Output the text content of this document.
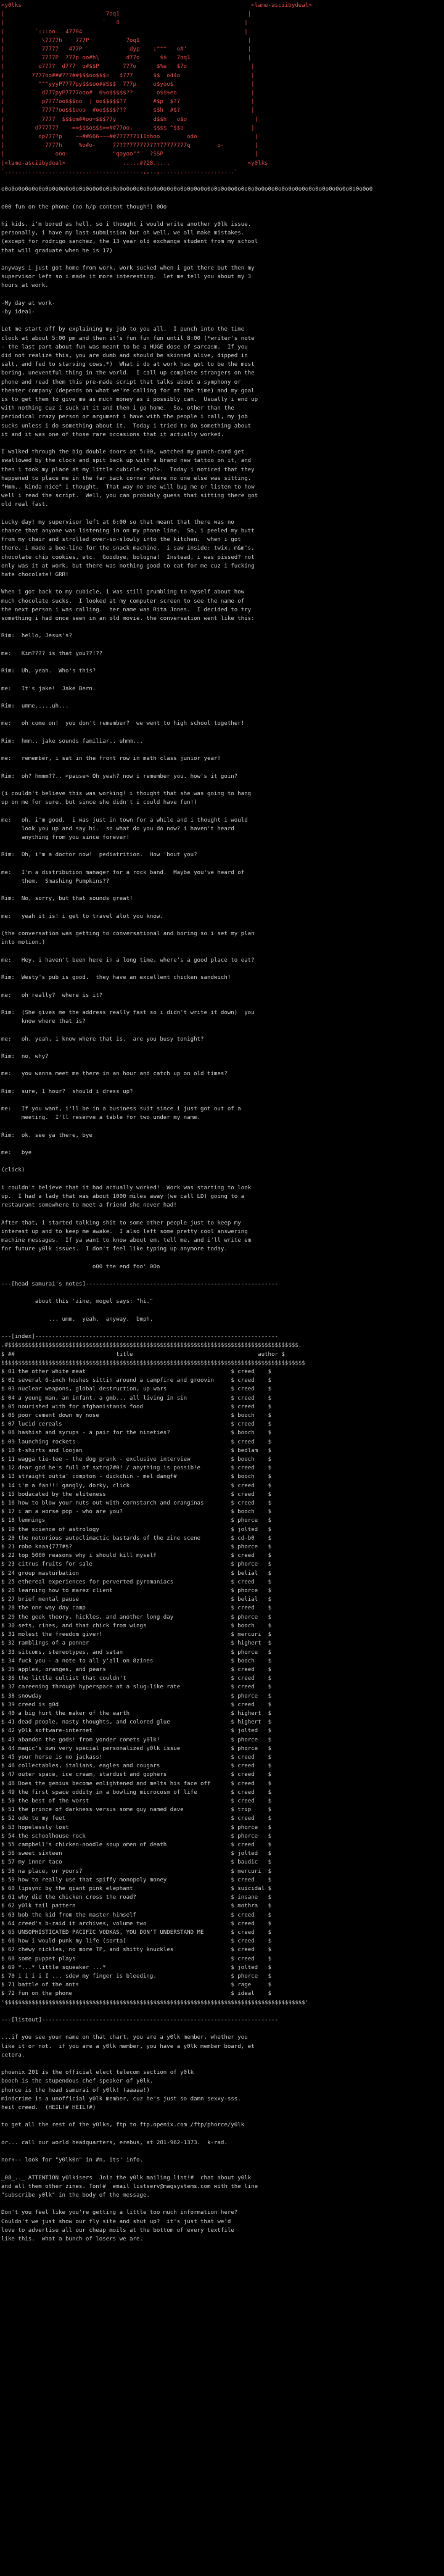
<y0lks	<lame-asciibydeal>
|                              7oq1                                      |
|                             `   4                                     |
|         `:::oo   47704                                                |
|           \7777h    777P           7oq1                                |
|           77777   477P              dyp    ;^^^   o#'                  |
|           7777P  777p oo#h\        d77o      $$   7oq1                 |
|          d777?  d777  o#$$P       777o      $%e   $7o                   |
|        7777oo###???##$$$oo$$$=   4777      $$  o44o                     |
|          ^^^yyyP7777py$$$oo##S$$  777p     o$yoo$                       |
|           d777pyP7777ooo#  6%o$$$$$??       o$$%eo                      |
|           p7777oo$$$oo  | oo$$$$$??        #$p  $??                     |
|           7777?oo$$$ooo  #oo$$$$???        $$h  #$?                     |
|           7777  $$$om##oo=$$$77y           d$$h   o$o                    |
|         d777777   -==$$$o$$$==##77oo,      $$$$ ^$$o                    |
|          op777?p    ~~##666~~~##777777111ohoo        odo                 |
|            7777h     %o#o-     77???7777?7???77777777q        o-         |
|               ooo-             "qoyoo""   ?SSP                           |
|<lame-asciibydeal>                 .....#?28.....                       <y0lks
`.........................................,,..,......................'
o0o0o0o0o0o0o0o0o0o0o0o0o0o0o0o0o0o0o0o0o0o0o0o0o0o0o0o0o0o0o0o0o0o0o0o0o0o0o0o0o0o0o0o0o0o0o0o0o0o0o0o0o0o0o0
o00 fun on the phone (no h/p content though!) 0Oo
hi kids. i'm bored as hell. so i thought i would write another y0lk issue.
personally, i have my last submission but oh well, we all make mistakes.
(except for rodrigo sanchez, the 13 year old exchange student from my school
that will graduate when he is 17)
anyways i just got home from work. work sucked when i got there but then my
supervisor left so i made it more interesting.  let me tell you about my 3
hours at work.
-My day at work-
-by idea1-
Let me start off by explaining my job to you all.  I punch into the time
clock at about 5:00 pm and then it's fun fun fun until 8:00 (*writer's note
- the last part about fun was meant to be a HUGE dose of sarcasm.  If you
did not realize this, you are dumb and should be skinned alive, dipped in
salt, and fed to starving cows.*)  What i do at work has got to be the most
boring, uneventful thing in the world.  I call up complete strangers on the
phone and read them this pre-made script that talks about a symphony or
theater company (depends on what we're calling for at the time) and my goal
is to get them to give me as much money as i possibly can.  Usually i end up
with nothing cuz i suck at it and then i go home.  So, other than the
periodical crazy person or argument i have with the people i call, my job
sucks unless i do something about it.  Today i tried to do something about
it and it was one of those rare occasions that it actually worked.
I walked through the big double doors at 5:00, watched my punch-card get
swallowed by the clock and spit back up with a brand new tattoo on it, and
then i took my place at my little cubicle <sp?>.  Today i noticed that they
happened to place me in the far back corner where no one else was sitting.
"Hmm.. kinda nice" i thought.  That way no one will bug me or listen to how
well i read the script.  Well, you can probably guess that sitting there got
old real fast.
Lucky day! my supervisor left at 6:00 so that meant that there was no
chance that anyone was listening in on my phone line.  So, i peeled my butt
from my chair and strolled over-so-slowly into the kitchen.  when i got
there, i made a bee-line for the snack machine.  i saw inside: twix, m&m's,
chocolate chip cookies, etc.  Goodbye, bologna!  Instead, i was pissed? not
only was it at work, but there was nothing good to eat for me cuz i fucking
hate chocolate! GRR!
When i got back to my cubicle, i was still grumbling to myself about how
much chocolate sucks.  I looked at my computer screen to see the name of
the next person i was calling.  her name was Rita Jones.  I decided to try
something i had once seen in an old movie. the conversation went like this:
Rim:  hello, Jesus's?
me:   Kim???? is that you??!??
Rim:  Uh, yeah.  Who's this?
me:   It's jake!  Jake Bern.
Rim:  umme.....uh...
me:   oh come on!  you don't remember?  we went to high school together!
Rim:  hmm.. jake sounds familiar.. uhmm...
me:   remember, i sat in the front row in math class junior year!
Rim:  oh? hmmm??.. <pause> Oh yeah? now i remember you. how's it goin?
(i couldn't believe this was working! i thought that she was going to hang
up on me for sure. but since she didn't i could have fun!)
me:   oh, i'm good.  i was just in town for a while and i thought i would
look you up and say hi.  so what do you do now? i haven't heard
anything from you since forever!
Rim:  Oh, i'm a doctor now!  pediatrition.  How 'bout you?
me:   I'm a distribution manager for a rock band.  Maybe you've heard of
them.  Smashing Pumpkins??
Rim:  No, sorry, but that sounds great!
me:   yeah it is! i get to travel alot you know.
(the conversation was getting to conversational and boring so i set my plan
into motion.)
me:   Hey, i haven't been here in a long time, where's a good place to eat?
Rim:  Westy's pub is good.  they have an excellent chicken sandwich!
me:   oh really?  where is it?
Rim:  (She gives me the address really fast so i didn't write it down)  you
know where that is?
me:   oh, yeah, i know where that is.  are you busy tonight?
Rim:  no, why?
me:   you wanna meet me there in an hour and catch up on old times?
Rim:  sure, 1 hour?  should i dress up?
me:   If you want, i'll be in a business suit since i just got out of a
meeting.  I'll reserve a table for two under my name.
Rim:  ok, see ya there, bye
me:   bye
(click)
i couldn't believe that it had actually worked!  Work was starting to look
up.  I had a lady that was about 1000 miles away (we call LD) going to a
restaurant somewhere to meet a friend she never had!
After that, i started talking shit to some other people just to keep my
interest up and to keep me awake.  I also left some pretty cool answering
machine messages.  If ya want to know about em, tell me, and i'll write em
for future y0lk issues.  I don't feel like typing up anymore today.
o00 the end foo' 0Oo
---[head samurai's notes]---------------------------------------------------------
about this 'zine, mogel says: "hi."
... umm.  yeah.  anyway.  bmph.
---[index]------------------------------------------------------------------------
.#$$$$$$$$$$$$$$$$$$$$$$$$$$$$$$$$$$$$$$$$$$$$$$$$$$$$$$$$$$$$$$$$$$$$$$$$$$$$$$$$$$$$$$.
$ ##	title	author $
$$$$$$$$$$$$$$$$$$$$$$$$$$$$$$$$$$$$$$$$$$$$$$$$$$$$$$$$$$$$$$$$$$$$$$$$$$$$$$$$$$$$$$$$$$
$ 01 the other white meat                                           $ creed    $
$ 02 several 6-inch hoshes sittin around a campfire and groovin     $ creed    $
$ 03 nuclear weapons, global destruction, up wars                   $ creed    $
$ 04 a young man, an infant, a gmb... all living in sin             $ creed    $
$ 05 nourished with for afghanistanis food                          $ creed    $
$ 06 poor cement down my nose                                       $ booch    $
$ 07 lucid cereals                                                  $ creed    $
$ 08 hashish and syrups - a pair for the nineties?                  $ booch    $
$ 09 launching rockets                                              $ creed    $
$ 10 t-shirts and loojan                                            $ bedlam   $
$ 11 wagga tie-tee - the dog prank - exclusive interview            $ booch    $
$ 12 dear god he's full of sxtrq7#0! / anything is possib!e         $ creed    $
$ 13 straight outta' compton - dickchin - mel dangf#                $ booch    $
$ 14 i'm a fan!!! gangly, dorky, click                              $ creed    $
$ 15 bodacated by the eliteness                                     $ creed    $
$ 16 how to blow your nuts out with cornstarch and oranginas        $ creed    $
$ 17 i am a worse pop - who are you?                                $ booch    $
$ 18 lemmings                                                       $ phorce   $
$ 19 the science of astrology                                       $ jolted   $
$ 20 the notorious autoclimactic bastards of the zine scene         $ cd-b0    $
$ 21 robo kaaa{777#$?                                               $ phorce   $
$ 22 top 5000 reasons why i should kill myself                      $ creed    $
$ 23 citrus fruits for sale                                         $ phorce   $
$ 24 group masturbation                                             $ belial   $
$ 25 ethereal experiences for perverted pyromaniacs                 $ creed    $
$ 26 learning how to marez client                                   $ phorce   $
$ 27 brief mental pause                                             $ belial   $
$ 28 the one way day camp                                           $ creed    $
$ 29 the geek theory, hickles, and another long day                 $ phorce   $
$ 30 sets, cines, and that chick from wings                         $ booch    $
$ 31 molest the freedom giver!                                      $ mercuri  $
$ 32 ramblings of a ponner                                          $ highert  $
$ 33 sitcoms, stereotypes, and satan                                $ phorce   $
$ 34 fuck you - a note to all y'all on 8zines                       $ booch    $
$ 35 apples, oranges, and pears                                     $ creed    $
$ 36 the little cultist that couldn't                               $ creed    $
$ 37 careening through hyperspace at a slug-like rate               $ creed    $
$ 38 snowday                                                        $ phorce   $
$ 39 creed is g0d                                                   $ creed    $
$ 40 a big hurt the maker of the earth                              $ highert  $
$ 41 dead people, nasty thoughts, and colored glue                  $ highert  $
$ 42 y0lk software-internet                                         $ jolted   $
$ 43 abandon the gods! from yonder comets y0lk!                     $ phorce   $
$ 44 magic's own very special personalized y0lk issue               $ phorce   $
$ 45 your horse is no jackass!                                      $ creed    $
$ 46 collectables, italians, eagles and cougars                     $ creed    $
$ 47 outer space, ice cream, stardust and gophers                   $ creed    $
$ 48 Does the genius become enlightened and melts his face off      $ creed    $
$ 49 the first space oddity in a bowling microcosm of life          $ creed    $
$ 50 the best of the worst                                          $ creed    $
$ 51 the prince of darkness versus some guy named dave              $ trip     $
$ 52 ode to my feet                                                 $ creed    $
$ 53 hopelessly lost                                                $ phorce   $
$ 54 the schoolhouse rock                                           $ phorce   $
$ 55 campbell's chicken-noodle soup omen of death                   $ creed    $
$ 56 sweet sixteen                                                  $ jolted   $
$ 57 my inner taco                                                  $ baudic   $
$ 58 na place, or yours?                                            $ mercuri  $
$ 59 how to really use that spiffy monopoly money                   $ creed    $
$ 60 lipsync by the giant pink elephant                             $ suicidal $
$ 61 why did the chicken cross the road?                            $ insane   $
$ 62 y0lk tail pattern                                              $ mothra   $
$ 63 bob the kid from the master himself                            $ creed    $
$ 64 creed's b-raid it archives, volume two                         $ creed    $
$ 65 UNSOPHISTICATED PACIFIC VODKAS, YOU DON'T UNDERSTAND ME        $ creed    $
$ 66 how i would punk my life (sorta)                               $ creed    $
$ 67 chewy nickles, no more TP, and shitty knuckles                 $ creed    $
$ 68 some puppet plays                                              $ creed    $
$ 69 *...* little squeaker ...*                                     $ jolted   $
$ 70 i i i i I ... sdew my finger is bleeding.                      $ phorce   $
$ 71 battle of the ants                                             $ rage     $
$ 72 fun on the phone                                               $ ideal    $
'$$$$$$$$$$$$$$$$$$$$$$$$$$$$$$$$$$$$$$$$$$$$$$$$$$$$$$$$$$$$$$$$$$$$$$$$$$$$$$$$$$$$$$$$$'
---[listout]----------------------------------------------------------------------
...if you see your name on that chart, you are a y0lk member, whether you
like it or not.  if you are a y0lk member, you have a y0lk member board, et
cetera.
phoenix 201 is the official elect telecom section of y0lk
booch is the stupendous chef speaker of y0lk.
phorce is the head samurai of y0lk! (aaaaa!)
mindcrime is a unofficial y0lk member, cuz he's just so damn sexxy-sss.
heil creed.  (HEIL!# HEIL!#)
to get all the rest of the y0lks, ftp to ftp.openix.com /ftp/phorce/y0lk
or... call our world headquarters, erebus, at 201-962-1373.  k-rad.
nor+-- look for "y0lk0n" in #n, its' info.
_08_.._ ATTENTION y0lkisers  Join the y0lk mailing list!#  chat about y0lk
and all them other zines. Ton!#  email listserv@magsystems.com with the line
"subscribe y0lk" in the body of the message.
Don't you feel like you're getting a little too much information here?
Couldn't we just show our fly site and shut up?  it's just that we'd
love to advertise all our cheap moils at the bottom of every textfile
like this.  what a bunch of losers we are.
